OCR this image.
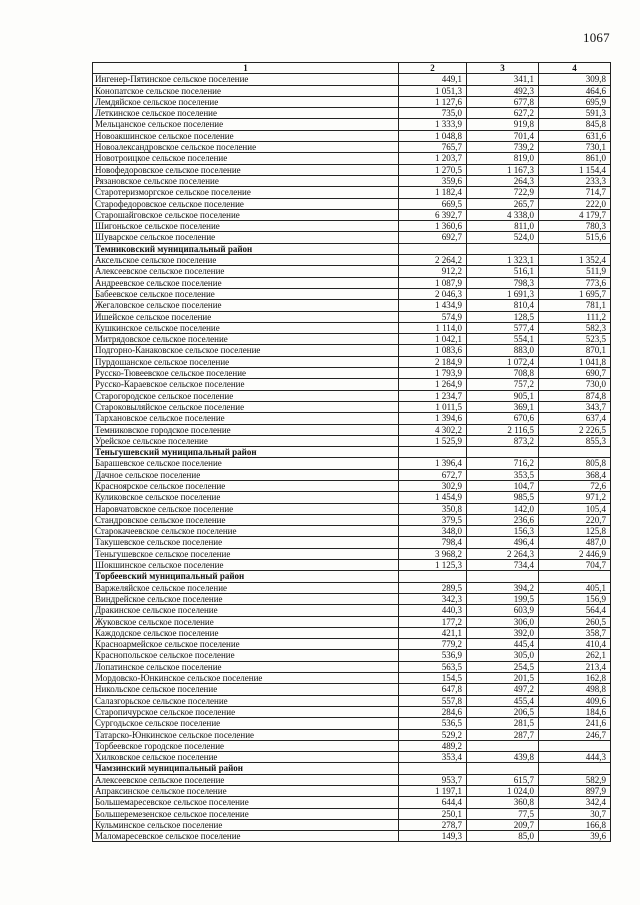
1067
1	2	3	4
Ингенер-Пятинское сельское поселение	449,1	341,1	309,8
Конопатское сельское поселение	1 051,3	492,3	464,6
Лемдяйское сельское поселение	1 127,6	677,8	695,9
Леткинское сельское поселение	735,0	627,2	591,3
Мельцанское сельское поселение	1 333,9	919,8	845,8
Новоакшинское сельское поселение	1 048,8	701,4	631,6
Новоалександровское сельское поселение	765,7	739,2	730,1
Новотроицкое сельское поселение	1 203,7	819,0	861,0
Новофедоровское сельское поселение	1 270,5	1 167,3	1 154,4
Рязановское сельское поселение	359,6	264,3	233,3
Старотеризморгское сельское поселение	1 182,4	722,9	714,7
Старофедоровское сельское поселение	669,5	265,7	222,0
Старошайговское сельское поселение	6 392,7	4 338,0	4 179,7
Шигоньское сельское поселение	1 360,6	811,0	780,3
Шуварское сельское поселение	692,7	524,0	515,6
Темниковский муниципальный район			
Аксельское сельское поселение	2 264,2	1 323,1	1 352,4
Алексеевское сельское поселение	912,2	516,1	511,9
Андреевское сельское поселение	1 087,9	798,3	773,6
Бабеевское сельское поселение	2 046,3	1 691,3	1 695,7
Жегаловское сельское поселение	1 434,9	810,4	781,1
Ишейское сельское поселение	574,9	128,5	111,2
Кушкинское сельское поселение	1 114,0	577,4	582,3
Митрядовское сельское поселение	1 042,1	554,1	523,5
Подгорно-Канаковское сельское поселение	1 083,6	883,0	870,1
Пурдошанское сельское поселение	2 184,9	1 072,4	1 041,8
Русско-Тювеевское сельское поселение	1 793,9	708,8	690,7
Русско-Караевское сельское поселение	1 264,9	757,2	730,0
Старогородское сельское поселение	1 234,7	905,1	874,8
Староковыляйское сельское поселение	1 011,5	369,1	343,7
Тархановское сельское поселение	1 394,6	670,6	637,4
Темниковское городское поселение	4 302,2	2 116,5	2 226,5
Урейское сельское поселение	1 525,9	873,2	855,3
Теньгушевский муниципальный район			
Барашевское сельское поселение	1 396,4	716,2	805,8
Дачное сельское поселение	672,7	353,5	368,4
Красноярское сельское поселение	302,9	104,7	72,6
Куликовское сельское поселение	1 454,9	985,5	971,2
Наровчатовское сельское поселение	350,8	142,0	105,4
Стандровское сельское поселение	379,5	236,6	220,7
Старокачеевское сельское поселение	348,0	156,3	125,8
Такушевское сельское поселение	798,4	496,4	487,0
Теньгушевское сельское поселение	3 968,2	2 264,3	2 446,9
Шокшинское сельское поселение	1 125,3	734,4	704,7
Торбеевский муниципальный район			
Варжеляйское сельское поселение	289,5	394,2	405,1
Виндрейское сельское поселение	342,3	199,5	156,9
Дракинское сельское поселение	440,3	603,9	564,4
Жуковское сельское поселение	177,2	306,0	260,5
Каждодское сельское поселение	421,1	392,0	358,7
Красноармейское сельское поселение	779,2	445,4	410,4
Краснопольское сельское поселение	536,9	305,0	262,1
Лопатинское сельское поселение	563,5	254,5	213,4
Мордовско-Юнкинское сельское поселение	154,5	201,5	162,8
Никольское сельское поселение	647,8	497,2	498,8
Салазгорьское сельское поселение	557,8	455,4	409,6
Старопичурское сельское поселение	284,6	206,5	184,6
Сургодьское сельское поселение	536,5	281,5	241,6
Татарско-Юнкинское сельское поселение	529,2	287,7	246,7
Торбеевское городское поселение	489,2		
Хилковское сельское поселение	353,4	439,8	444,3
Чамзинский муниципальный район			
Алексеевское сельское поселение	953,7	615,7	582,9
Апраксинское сельское поселение	1 197,1	1 024,0	897,9
Большемаресевское сельское поселение	644,4	360,8	342,4
Большеремезенское сельское поселение	250,1	77,5	30,7
Кульминское сельское поселение	278,7	209,7	166,8
Маломаресевское сельское поселение	149,3	85,0	39,6
